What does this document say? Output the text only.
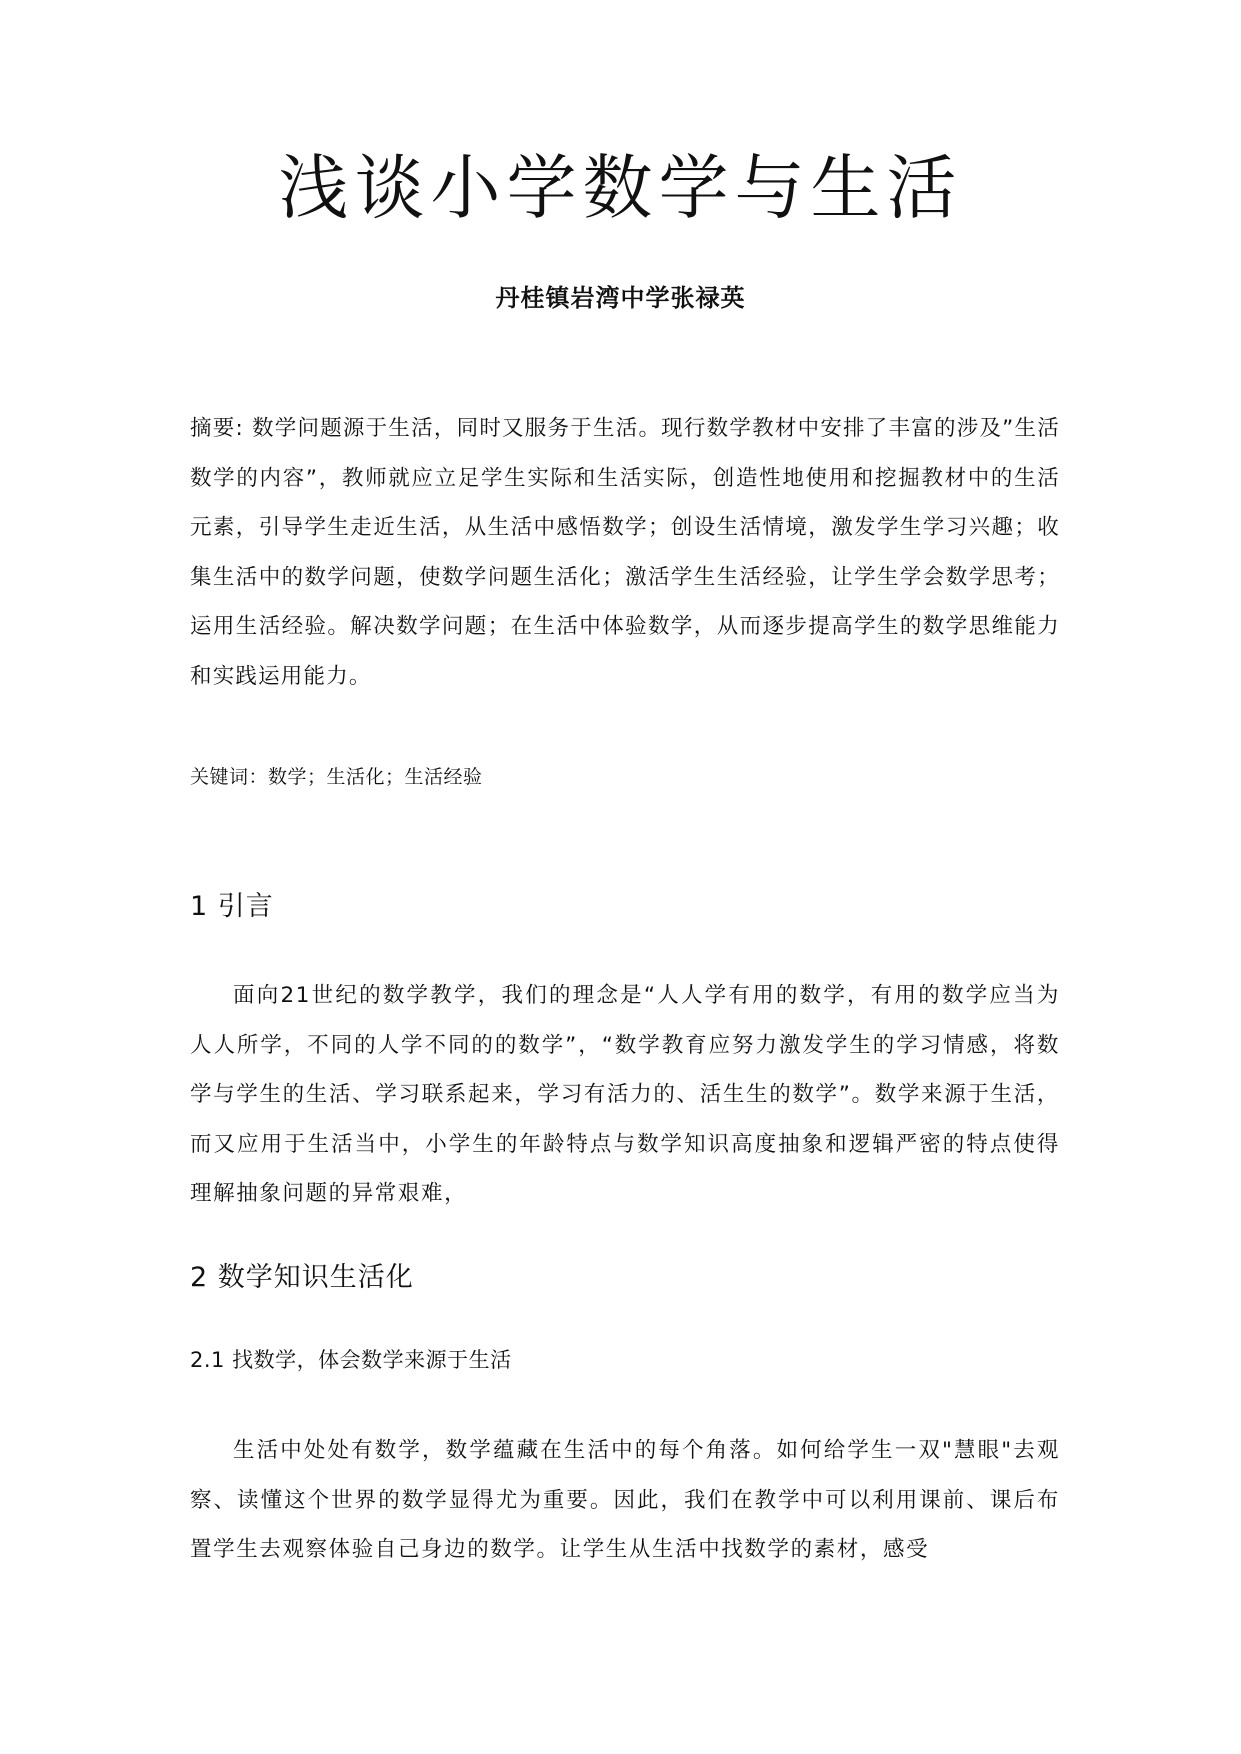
浅谈小学数学与生活
丹桂镇岩湾中学张禄英

摘要: 数学问题源于生活，同时又服务于生活。现行数学教材中安排了丰富的涉及”生活数学的内容”，教师就应立足学生实际和生活实际，创造性地使用和挖掘教材中的生活元素，引导学生走近生活，从生活中感悟数学；创设生活情境，激发学生学习兴趣；收集生活中的数学问题，使数学问题生活化；激活学生生活经验，让学生学会数学思考；运用生活经验。解决数学问题；在生活中体验数学，从而逐步提高学生的数学思维能力和实践运用能力。

关键词：数学；生活化；生活经验
1 引言

面向21世纪的数学教学，我们的理念是“人人学有用的数学，有用的数学应当为人人所学，不同的人学不同的的数学”，“数学教育应努力激发学生的学习情感，将数学与学生的生活、学习联系起来，学习有活力的、活生生的数学”。数学来源于生活，而又应用于生活当中，小学生的年龄特点与数学知识高度抽象和逻辑严密的特点使得理解抽象问题的异常艰难，

2 数学知识生活化
2.1 找数学，体会数学来源于生活

生活中处处有数学，数学蕴藏在生活中的每个角落。如何给学生一双"慧眼"去观察、读懂这个世界的数学显得尤为重要。因此，我们在教学中可以利用课前、课后布置学生去观察体验自己身边的数学。让学生从生活中找数学的素材，感受
